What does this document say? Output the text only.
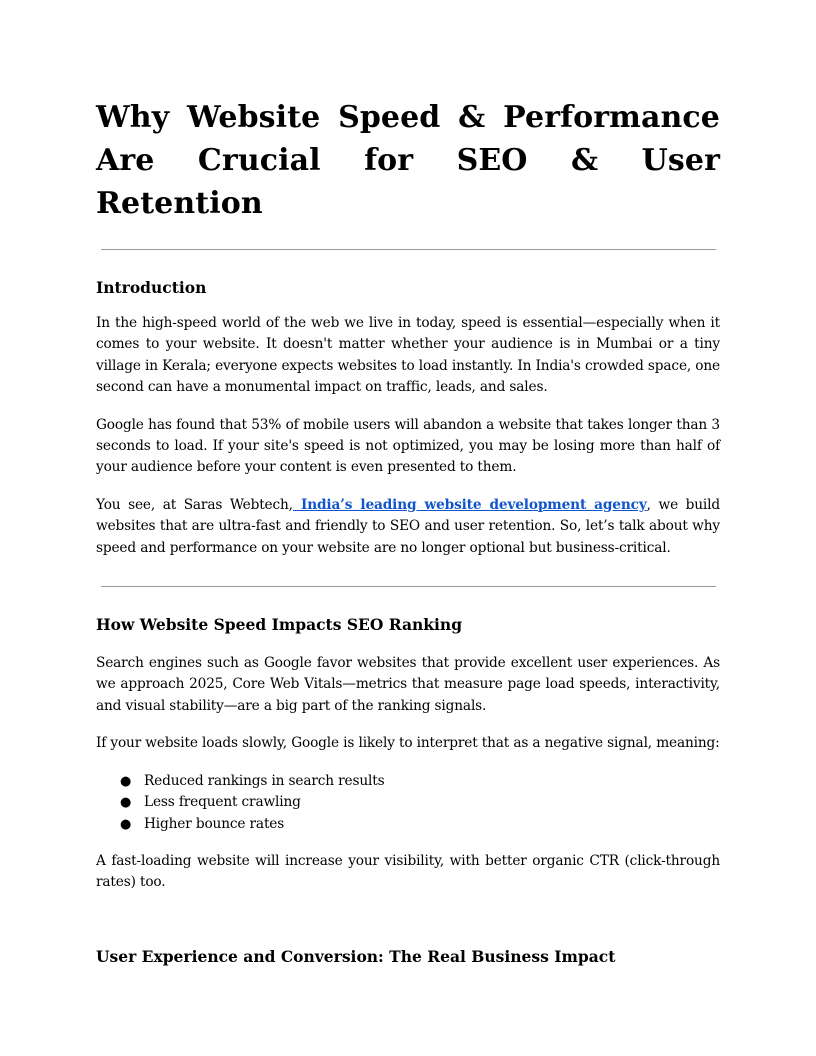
Why Website Speed & Performance Are Crucial for SEO & User Retention
Introduction

In the high-speed world of the web we live in today, speed is essential—especially when it comes to your website. It doesn't matter whether your audience is in Mumbai or a tiny village in Kerala; everyone expects websites to load instantly. In India's crowded space, one second can have a monumental impact on traffic, leads, and sales.

Google has found that 53% of mobile users will abandon a website that takes longer than 3 seconds to load. If your site's speed is not optimized, you may be losing more than half of your audience before your content is even presented to them.

You see, at Saras Webtech, India’s leading website development agency, we build websites that are ultra-fast and friendly to SEO and user retention. So, let’s talk about why speed and performance on your website are no longer optional but business-critical.

How Website Speed Impacts SEO Ranking

Search engines such as Google favor websites that provide excellent user experiences. As we approach 2025, Core Web Vitals—metrics that measure page load speeds, interactivity, and visual stability—are a big part of the ranking signals.

If your website loads slowly, Google is likely to interpret that as a negative signal, meaning:

● Reduced rankings in search results
● Less frequent crawling
● Higher bounce rates

A fast-loading website will increase your visibility, with better organic CTR (click-through rates) too.

User Experience and Conversion: The Real Business Impact
